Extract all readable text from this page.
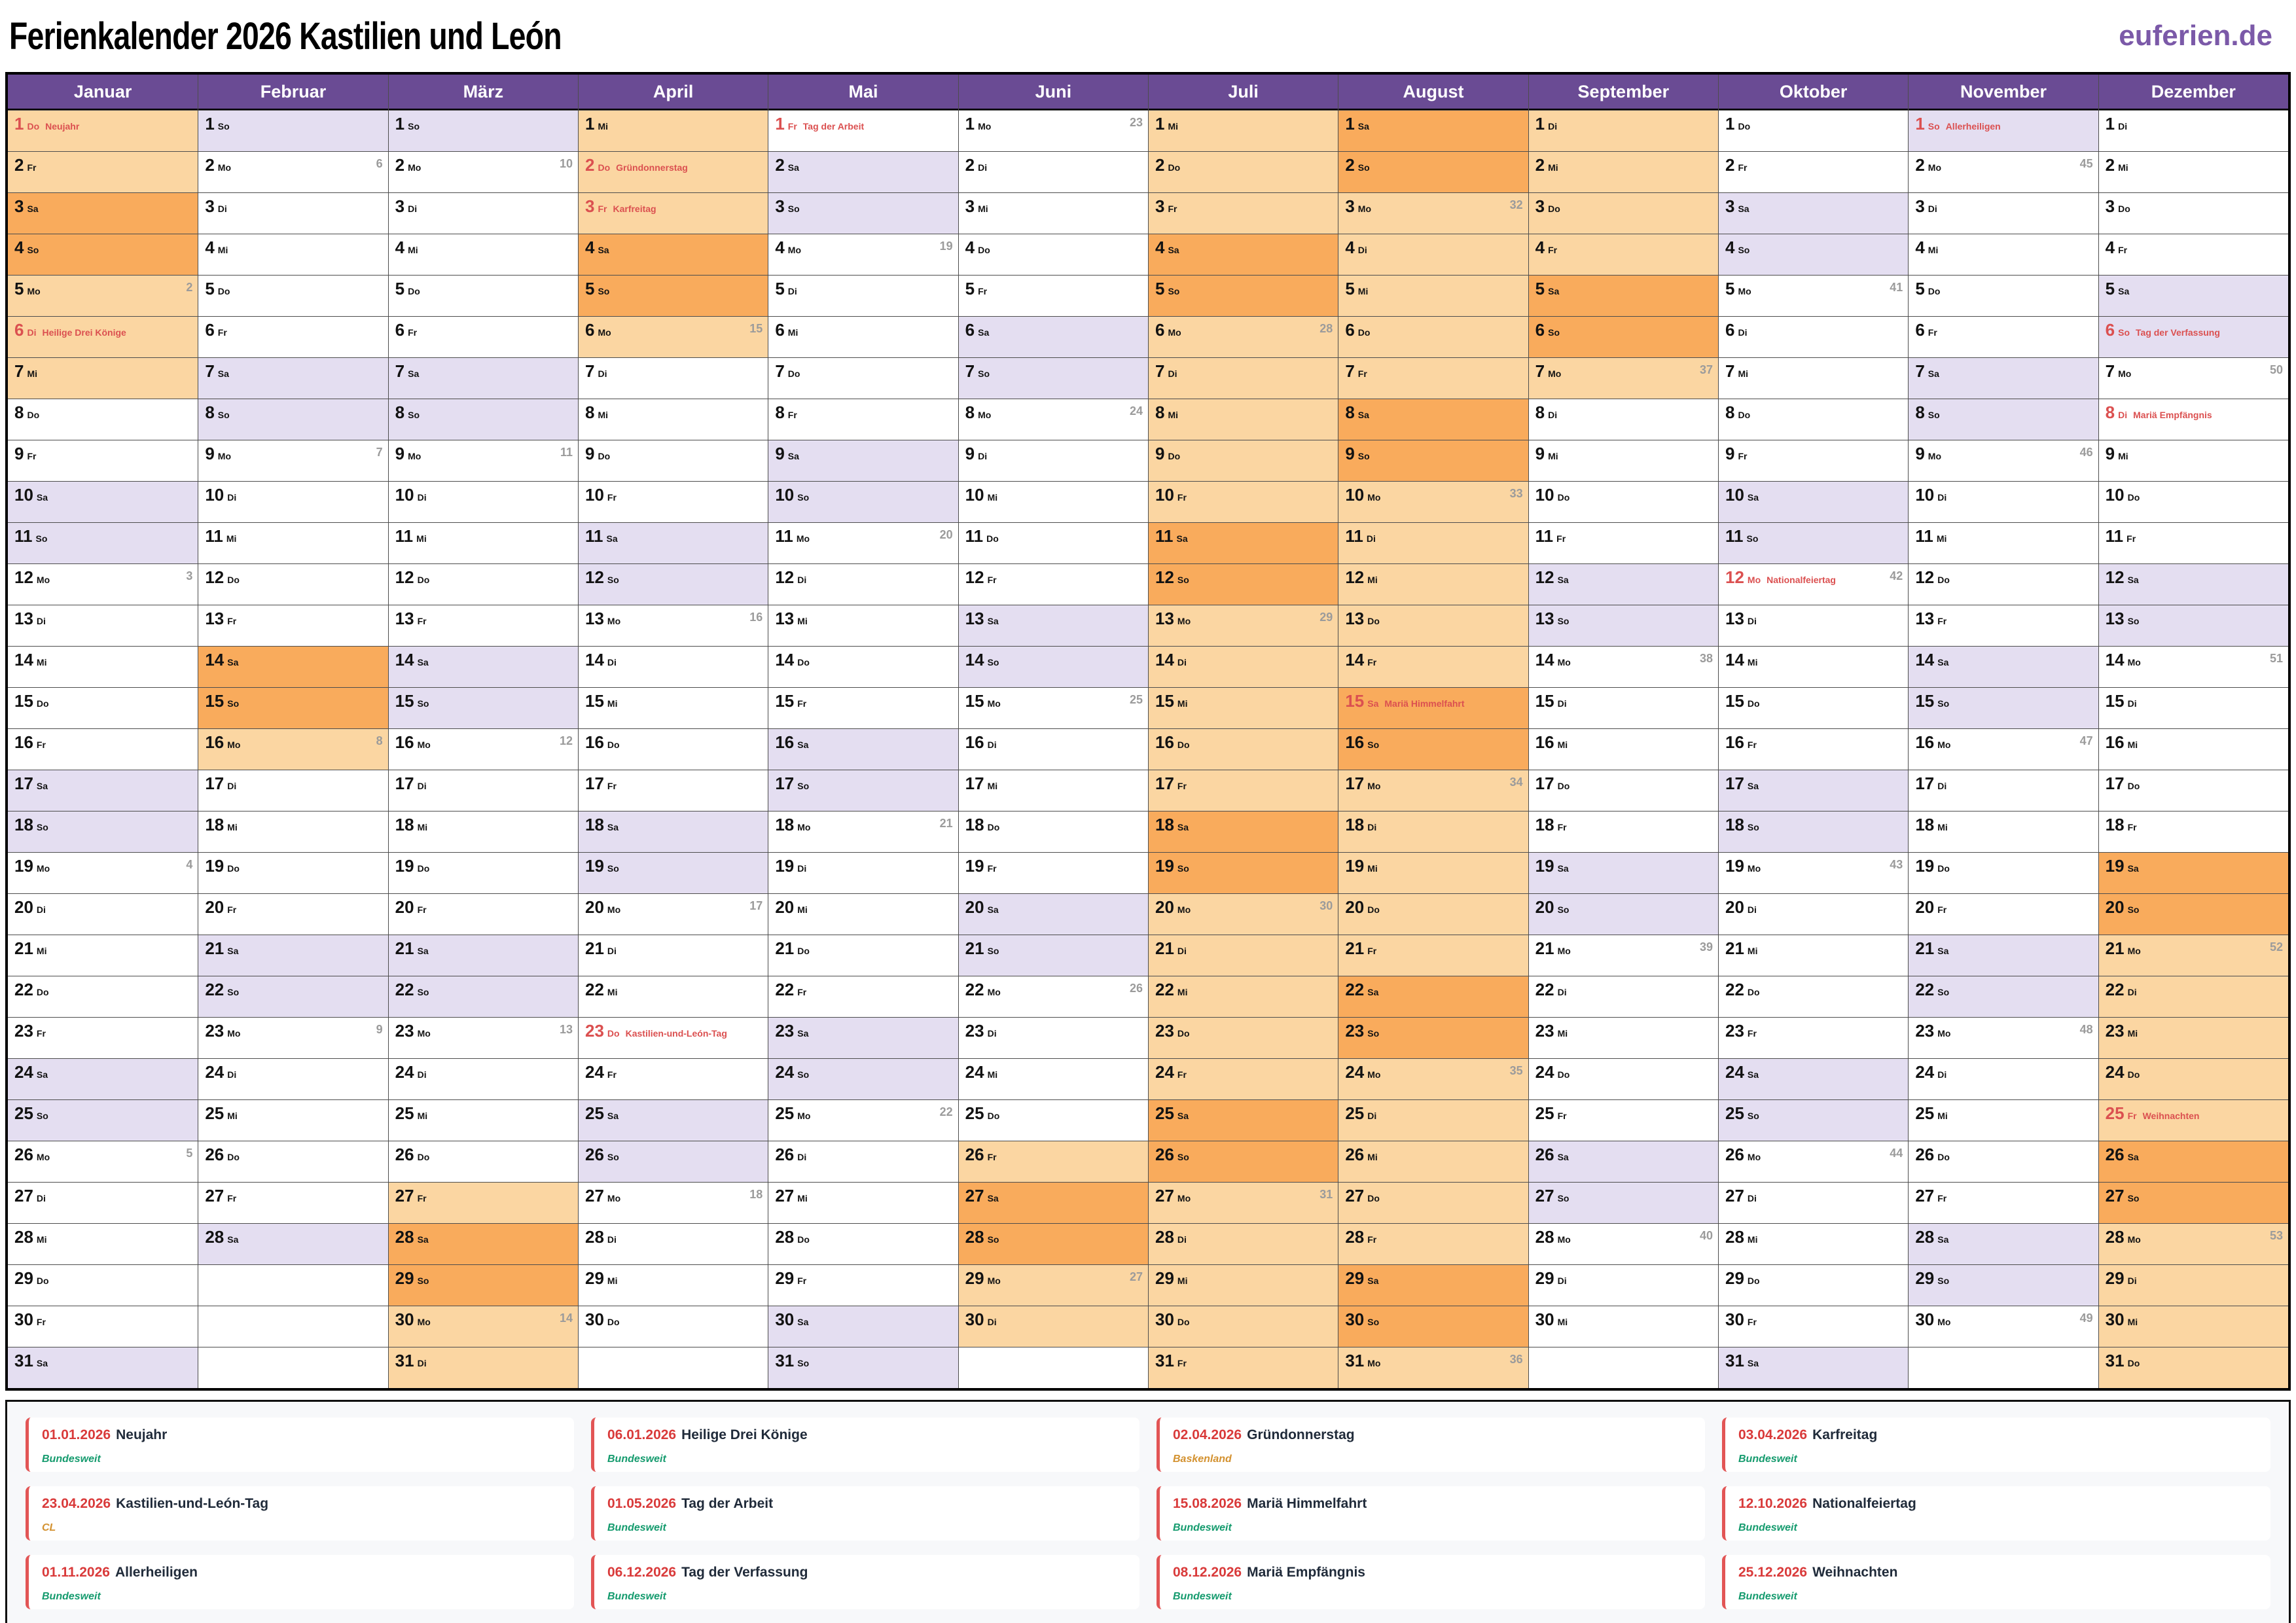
Ferienkalender 2026 Kastilien und León	euferien.de
Januar
1 Do Neujahr
2 Fr
3 Sa
4 So
5 Mo	2
6 Di Heilige Drei Könige
7 Mi
8 Do
9 Fr
10 Sa
11 So
12 Mo	3
13 Di
14 Mi
15 Do
16 Fr
17 Sa
18 So
19 Mo	4
20 Di
21 Mi
22 Do
23 Fr
24 Sa
25 So
26 Mo	5
27 Di
28 Mi
29 Do
30 Fr
31 Sa
Februar
1 So
2 Mo	6
3 Di
4 Mi
5 Do
6 Fr
7 Sa
8 So
9 Mo	7
10 Di
11 Mi
12 Do
13 Fr
14 Sa
15 So
16 Mo	8
17 Di
18 Mi
19 Do
20 Fr
21 Sa
22 So
23 Mo	9
24 Di
25 Mi
26 Do
27 Fr
28 Sa
März
1 So
2 Mo	10
3 Di
4 Mi
5 Do
6 Fr
7 Sa
8 So
9 Mo	11
10 Di
11 Mi
12 Do
13 Fr
14 Sa
15 So
16 Mo	12
17 Di
18 Mi
19 Do
20 Fr
21 Sa
22 So
23 Mo	13
24 Di
25 Mi
26 Do
27 Fr
28 Sa
29 So
30 Mo	14
31 Di
April
1 Mi
2 Do Gründonnerstag
3 Fr Karfreitag
4 Sa
5 So
6 Mo	15
7 Di
8 Mi
9 Do
10 Fr
11 Sa
12 So
13 Mo	16
14 Di
15 Mi
16 Do
17 Fr
18 Sa
19 So
20 Mo	17
21 Di
22 Mi
23 Do Kastilien-und-León-Tag
24 Fr
25 Sa
26 So
27 Mo	18
28 Di
29 Mi
30 Do
Mai
1 Fr Tag der Arbeit
2 Sa
3 So
4 Mo	19
5 Di
6 Mi
7 Do
8 Fr
9 Sa
10 So
11 Mo	20
12 Di
13 Mi
14 Do
15 Fr
16 Sa
17 So
18 Mo	21
19 Di
20 Mi
21 Do
22 Fr
23 Sa
24 So
25 Mo	22
26 Di
27 Mi
28 Do
29 Fr
30 Sa
31 So
Juni
1 Mo	23
2 Di
3 Mi
4 Do
5 Fr
6 Sa
7 So
8 Mo	24
9 Di
10 Mi
11 Do
12 Fr
13 Sa
14 So
15 Mo	25
16 Di
17 Mi
18 Do
19 Fr
20 Sa
21 So
22 Mo	26
23 Di
24 Mi
25 Do
26 Fr
27 Sa
28 So
29 Mo	27
30 Di
Juli
1 Mi
2 Do
3 Fr
4 Sa
5 So
6 Mo	28
7 Di
8 Mi
9 Do
10 Fr
11 Sa
12 So
13 Mo	29
14 Di
15 Mi
16 Do
17 Fr
18 Sa
19 So
20 Mo	30
21 Di
22 Mi
23 Do
24 Fr
25 Sa
26 So
27 Mo	31
28 Di
29 Mi
30 Do
31 Fr
August
1 Sa
2 So
3 Mo	32
4 Di
5 Mi
6 Do
7 Fr
8 Sa
9 So
10 Mo	33
11 Di
12 Mi
13 Do
14 Fr
15 Sa Mariä Himmelfahrt
16 So
17 Mo	34
18 Di
19 Mi
20 Do
21 Fr
22 Sa
23 So
24 Mo	35
25 Di
26 Mi
27 Do
28 Fr
29 Sa
30 So
31 Mo	36
September
1 Di
2 Mi
3 Do
4 Fr
5 Sa
6 So
7 Mo	37
8 Di
9 Mi
10 Do
11 Fr
12 Sa
13 So
14 Mo	38
15 Di
16 Mi
17 Do
18 Fr
19 Sa
20 So
21 Mo	39
22 Di
23 Mi
24 Do
25 Fr
26 Sa
27 So
28 Mo	40
29 Di
30 Mi
Oktober
1 Do
2 Fr
3 Sa
4 So
5 Mo	41
6 Di
7 Mi
8 Do
9 Fr
10 Sa
11 So
12 Mo Nationalfeiertag	42
13 Di
14 Mi
15 Do
16 Fr
17 Sa
18 So
19 Mo	43
20 Di
21 Mi
22 Do
23 Fr
24 Sa
25 So
26 Mo	44
27 Di
28 Mi
29 Do
30 Fr
31 Sa
November
1 So Allerheiligen
2 Mo	45
3 Di
4 Mi
5 Do
6 Fr
7 Sa
8 So
9 Mo	46
10 Di
11 Mi
12 Do
13 Fr
14 Sa
15 So
16 Mo	47
17 Di
18 Mi
19 Do
20 Fr
21 Sa
22 So
23 Mo	48
24 Di
25 Mi
26 Do
27 Fr
28 Sa
29 So
30 Mo	49
Dezember
1 Di
2 Mi
3 Do
4 Fr
5 Sa
6 So Tag der Verfassung
7 Mo	50
8 Di Mariä Empfängnis
9 Mi
10 Do
11 Fr
12 Sa
13 So
14 Mo	51
15 Di
16 Mi
17 Do
18 Fr
19 Sa
20 So
21 Mo	52
22 Di
23 Mi
24 Do
25 Fr Weihnachten
26 Sa
27 So
28 Mo	53
29 Di
30 Mi
31 Do
01.01.2026 Neujahr
Bundesweit
06.01.2026 Heilige Drei Könige
Bundesweit
02.04.2026 Gründonnerstag
Baskenland
03.04.2026 Karfreitag
Bundesweit
23.04.2026 Kastilien-und-León-Tag
CL
01.05.2026 Tag der Arbeit
Bundesweit
15.08.2026 Mariä Himmelfahrt
Bundesweit
12.10.2026 Nationalfeiertag
Bundesweit
01.11.2026 Allerheiligen
Bundesweit
06.12.2026 Tag der Verfassung
Bundesweit
08.12.2026 Mariä Empfängnis
Bundesweit
25.12.2026 Weihnachten
Bundesweit
